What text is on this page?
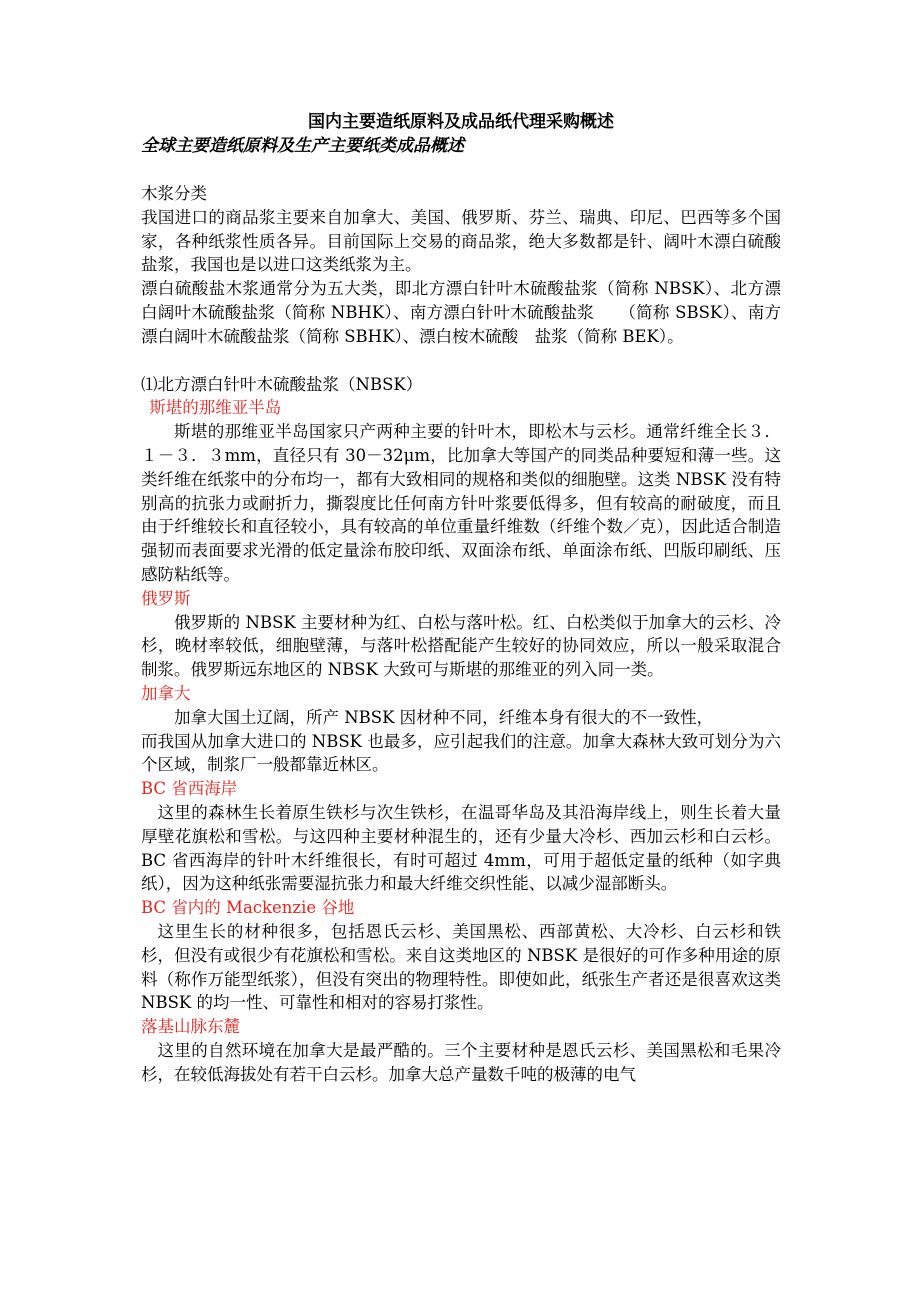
国内主要造纸原料及成品纸代理采购概述
全球主要造纸原料及生产主要纸类成品概述
木浆分类
我国进口的商品浆主要来自加拿大、美国、俄罗斯、芬兰、瑞典、印尼、巴西等多个国家，各种纸浆性质各异。目前国际上交易的商品浆，绝大多数都是针、阔叶木漂白硫酸盐浆，我国也是以进口这类纸浆为主。
漂白硫酸盐木浆通常分为五大类，即北方漂白针叶木硫酸盐浆（简称 NBSK）、北方漂白阔叶木硫酸盐浆（简称 NBHK）、南方漂白针叶木硫酸盐浆　　（简称 SBSK）、南方漂白阔叶木硫酸盐浆（简称 SBHK）、漂白桉木硫酸　盐浆（简称 BEK）。
⑴北方漂白针叶木硫酸盐浆（NBSK）
斯堪的那维亚半岛
斯堪的那维亚半岛国家只产两种主要的针叶木，即松木与云杉。通常纤维全长３．１－３．３mm，直径只有 30－32μm，比加拿大等国产的同类品种要短和薄一些。这类纤维在纸浆中的分布均一，都有大致相同的规格和类似的细胞壁。这类 NBSK 没有特别高的抗张力或耐折力，撕裂度比任何南方针叶浆要低得多，但有较高的耐破度，而且由于纤维较长和直径较小，具有较高的单位重量纤维数（纤维个数／克），因此适合制造强韧而表面要求光滑的低定量涂布胶印纸、双面涂布纸、单面涂布纸、凹版印刷纸、压感防粘纸等。
俄罗斯
俄罗斯的 NBSK 主要材种为红、白松与落叶松。红、白松类似于加拿大的云杉、冷杉，晚材率较低，细胞壁薄，与落叶松搭配能产生较好的协同效应，所以一般采取混合制浆。俄罗斯远东地区的 NBSK 大致可与斯堪的那维亚的列入同一类。
加拿大
加拿大国土辽阔，所产 NBSK 因材种不同，纤维本身有很大的不一致性，
而我国从加拿大进口的 NBSK 也最多，应引起我们的注意。加拿大森林大致可划分为六个区域，制浆厂一般都靠近林区。
BC 省西海岸
这里的森林生长着原生铁杉与次生铁杉，在温哥华岛及其沿海岸线上，则生长着大量厚壁花旗松和雪松。与这四种主要材种混生的，还有少量大冷杉、西加云杉和白云杉。BC 省西海岸的针叶木纤维很长，有时可超过 4mm，可用于超低定量的纸种（如字典纸），因为这种纸张需要湿抗张力和最大纤维交织性能、以减少湿部断头。
BC 省内的 Mackenzie 谷地
这里生长的材种很多，包括恩氏云杉、美国黑松、西部黄松、大冷杉、白云杉和铁杉，但没有或很少有花旗松和雪松。来自这类地区的 NBSK 是很好的可作多种用途的原料（称作万能型纸浆），但没有突出的物理特性。即使如此，纸张生产者还是很喜欢这类 NBSK 的均一性、可靠性和相对的容易打浆性。
落基山脉东麓
这里的自然环境在加拿大是最严酷的。三个主要材种是恩氏云杉、美国黑松和毛果冷杉，在较低海拔处有若干白云杉。加拿大总产量数千吨的极薄的电气
